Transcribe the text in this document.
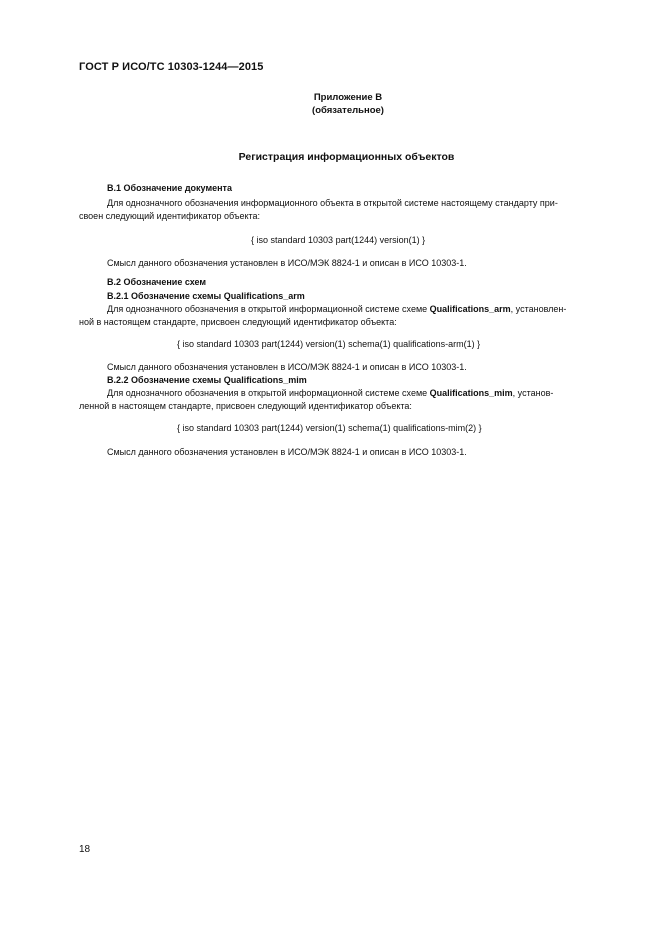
ГОСТ Р ИСО/ТС 10303-1244—2015
Приложение В
(обязательное)
Регистрация информационных объектов
В.1 Обозначение документа
Для однозначного обозначения информационного объекта в открытой системе настоящему стандарту при-
своен следующий идентификатор объекта:
{ iso standard 10303 part(1244) version(1) }
Смысл данного обозначения установлен в ИСО/МЭК 8824-1 и описан в ИСО 10303-1.
В.2 Обозначение схем
В.2.1 Обозначение схемы Qualifications_arm
Для однозначного обозначения в открытой информационной системе схеме Qualifications_arm, установлен-
ной в настоящем стандарте, присвоен следующий идентификатор объекта:
{ iso standard 10303 part(1244) version(1) schema(1) qualifications-arm(1) }
Смысл данного обозначения установлен в ИСО/МЭК 8824-1 и описан в ИСО 10303-1.
В.2.2 Обозначение схемы Qualifications_mim
Для однозначного обозначения в открытой информационной системе схеме Qualifications_mim, установ-
ленной в настоящем стандарте, присвоен следующий идентификатор объекта:
{ iso standard 10303 part(1244) version(1) schema(1) qualifications-mim(2) }
Смысл данного обозначения установлен в ИСО/МЭК 8824-1 и описан в ИСО 10303-1.
18
